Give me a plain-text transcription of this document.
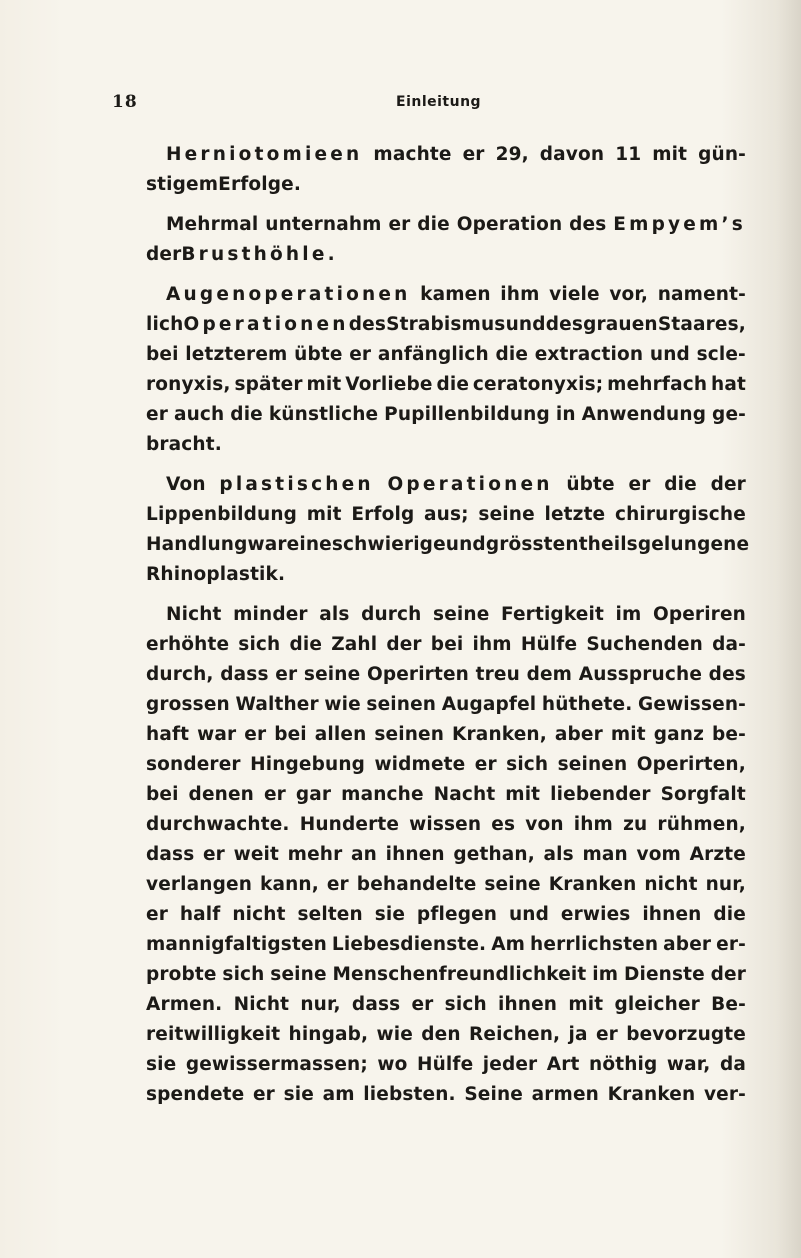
18	Einleitung
Herniotomieen machte er 29, davon 11 mit gün-
stigem Erfolge.
Mehrmal unternahm er die Operation des Empyem’s
der Brusthöhle.
Augenoperationen kamen ihm viele vor, nament-
lich Operationen des Strabismus und des grauen Staares,
bei letzterem übte er anfänglich die extraction und scle-
ronyxis, später mit Vorliebe die ceratonyxis; mehrfach hat
er auch die künstliche Pupillenbildung in Anwendung ge-
bracht.
Von plastischen Operationen übte er die der
Lippenbildung mit Erfolg aus; seine letzte chirurgische
Handlung war eine schwierige und grösstentheils gelungene
Rhinoplastik.
Nicht minder als durch seine Fertigkeit im Operiren
erhöhte sich die Zahl der bei ihm Hülfe Suchenden da-
durch, dass er seine Operirten treu dem Ausspruche des
grossen Walther wie seinen Augapfel hüthete. Gewissen-
haft war er bei allen seinen Kranken, aber mit ganz be-
sonderer Hingebung widmete er sich seinen Operirten,
bei denen er gar manche Nacht mit liebender Sorgfalt
durchwachte. Hunderte wissen es von ihm zu rühmen,
dass er weit mehr an ihnen gethan, als man vom Arzte
verlangen kann, er behandelte seine Kranken nicht nur,
er half nicht selten sie pflegen und erwies ihnen die
mannigfaltigsten Liebesdienste. Am herrlichsten aber er-
probte sich seine Menschenfreundlichkeit im Dienste der
Armen. Nicht nur, dass er sich ihnen mit gleicher Be-
reitwilligkeit hingab, wie den Reichen, ja er bevorzugte
sie gewissermassen; wo Hülfe jeder Art nöthig war, da
spendete er sie am liebsten. Seine armen Kranken ver-
